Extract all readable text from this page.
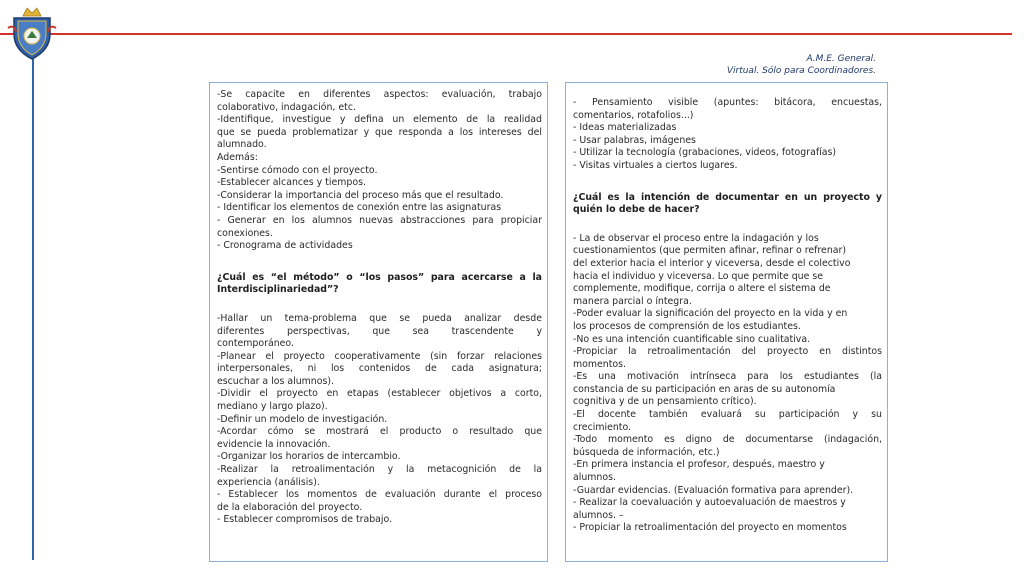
A.M.E. General.
Virtual. Sólo para Coordinadores.
-Se capacite en diferentes aspectos: evaluación, trabajo
colaborativo, indagación, etc.
-Identifique, investigue y defina un elemento de la realidad
que se pueda problematizar y que responda a los intereses del
alumnado.
Además:
-Sentirse cómodo con el proyecto.
-Establecer alcances y tiempos.
-Considerar la importancia del proceso más que el resultado.
- Identificar los elementos de conexión entre las asignaturas
- Generar en los alumnos nuevas abstracciones para propiciar
conexiones.
- Cronograma de actividades
¿Cuál es “el método” o “los pasos” para acercarse a la
Interdisciplinariedad”?
-Hallar un tema-problema que se pueda analizar desde
diferentes perspectivas, que sea trascendente y
contemporáneo.
-Planear el proyecto cooperativamente (sin forzar relaciones
interpersonales, ni los contenidos de cada asignatura;
escuchar a los alumnos).
-Dividir el proyecto en etapas (establecer objetivos a corto,
mediano y largo plazo).
-Definir un modelo de investigación.
-Acordar cómo se mostrará el producto o resultado que
evidencie la innovación.
-Organizar los horarios de intercambio.
-Realizar la retroalimentación y la metacognición de la
experiencia (análisis).
- Establecer los momentos de evaluación durante el proceso
de la elaboración del proyecto.
- Establecer compromisos de trabajo.
- Pensamiento visible (apuntes: bitácora, encuestas,
comentarios, rotafolios...)
- Ideas materializadas
- Usar palabras, imágenes
- Utilizar la tecnología (grabaciones, videos, fotografías)
- Visitas virtuales a ciertos lugares.
¿Cuál es la intención de documentar en un proyecto y
quién lo debe de hacer?
- La de observar el proceso entre la indagación y los
cuestionamientos (que permiten afinar, refinar o refrenar)
del exterior hacia el interior y viceversa, desde el colectivo
hacia el individuo y viceversa. Lo que permite que se
complemente, modifique, corrija o altere el sistema de
manera parcial o íntegra.
-Poder evaluar la significación del proyecto en la vida y en
los procesos de comprensión de los estudiantes.
-No es una intención cuantificable sino cualitativa.
-Propiciar la retroalimentación del proyecto en distintos
momentos.
-Es una motivación intrínseca para los estudiantes (la
constancia de su participación en aras de su autonomía
cognitiva y de un pensamiento crítico).
-El docente también evaluará su participación y su
crecimiento.
-Todo momento es digno de documentarse (indagación,
búsqueda de información, etc.)
-En primera instancia el profesor, después, maestro y
alumnos.
-Guardar evidencias. (Evaluación formativa para aprender).
- Realizar la coevaluación y autoevaluación de maestros y
alumnos. –
- Propiciar la retroalimentación del proyecto en momentos
